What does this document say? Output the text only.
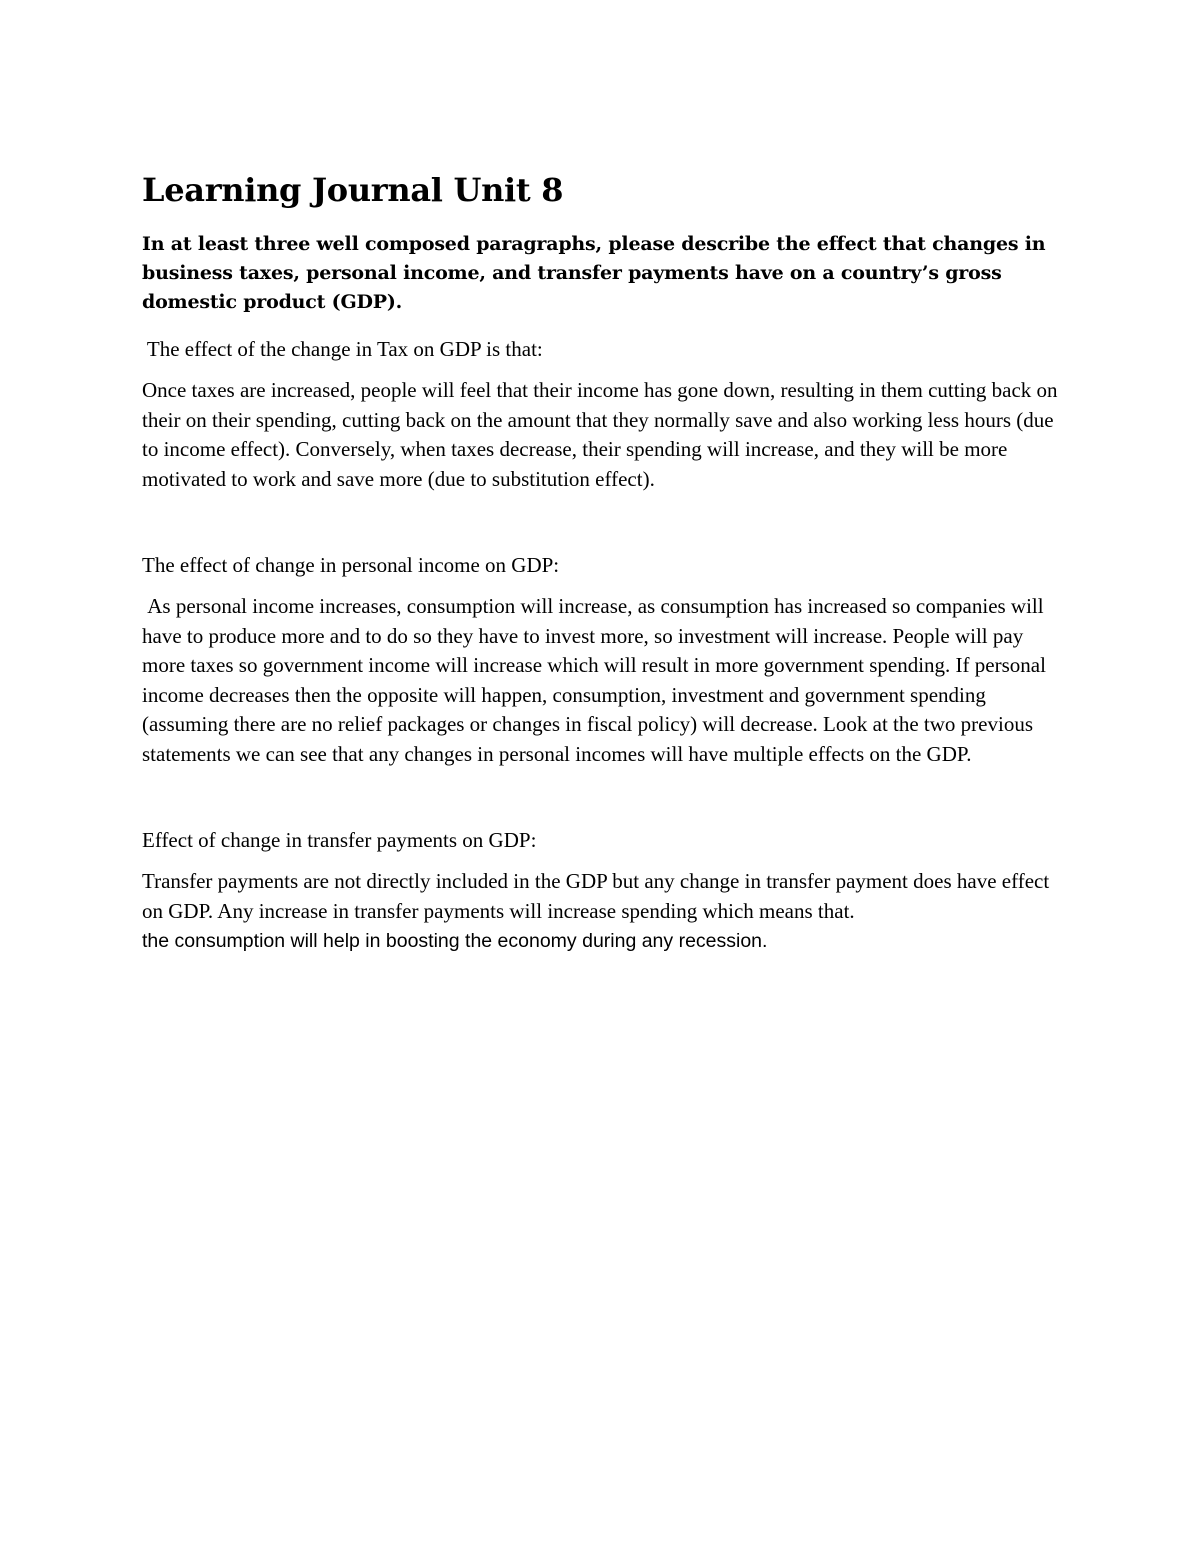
Learning Journal Unit 8

In at least three well composed paragraphs, please describe the effect that changes in business taxes, personal income, and transfer payments have on a country’s gross domestic product (GDP).

The effect of the change in Tax on GDP is that:

Once taxes are increased, people will feel that their income has gone down, resulting in them cutting back on their on their spending, cutting back on the amount that they normally save and also working less hours (due to income effect). Conversely, when taxes decrease, their spending will increase, and they will be more motivated to work and save more (due to substitution effect).

The effect of change in personal income on GDP:

As personal income increases, consumption will increase, as consumption has increased so companies will have to produce more and to do so they have to invest more, so investment will increase. People will pay more taxes so government income will increase which will result in more government spending. If personal income decreases then the opposite will happen, consumption, investment and government spending (assuming there are no relief packages or changes in fiscal policy) will decrease. Look at the two previous statements we can see that any changes in personal incomes will have multiple effects on the GDP.

Effect of change in transfer payments on GDP:

Transfer payments are not directly included in the GDP but any change in transfer payment does have effect on GDP. Any increase in transfer payments will increase spending which means that.
the consumption will help in boosting the economy during any recession.
